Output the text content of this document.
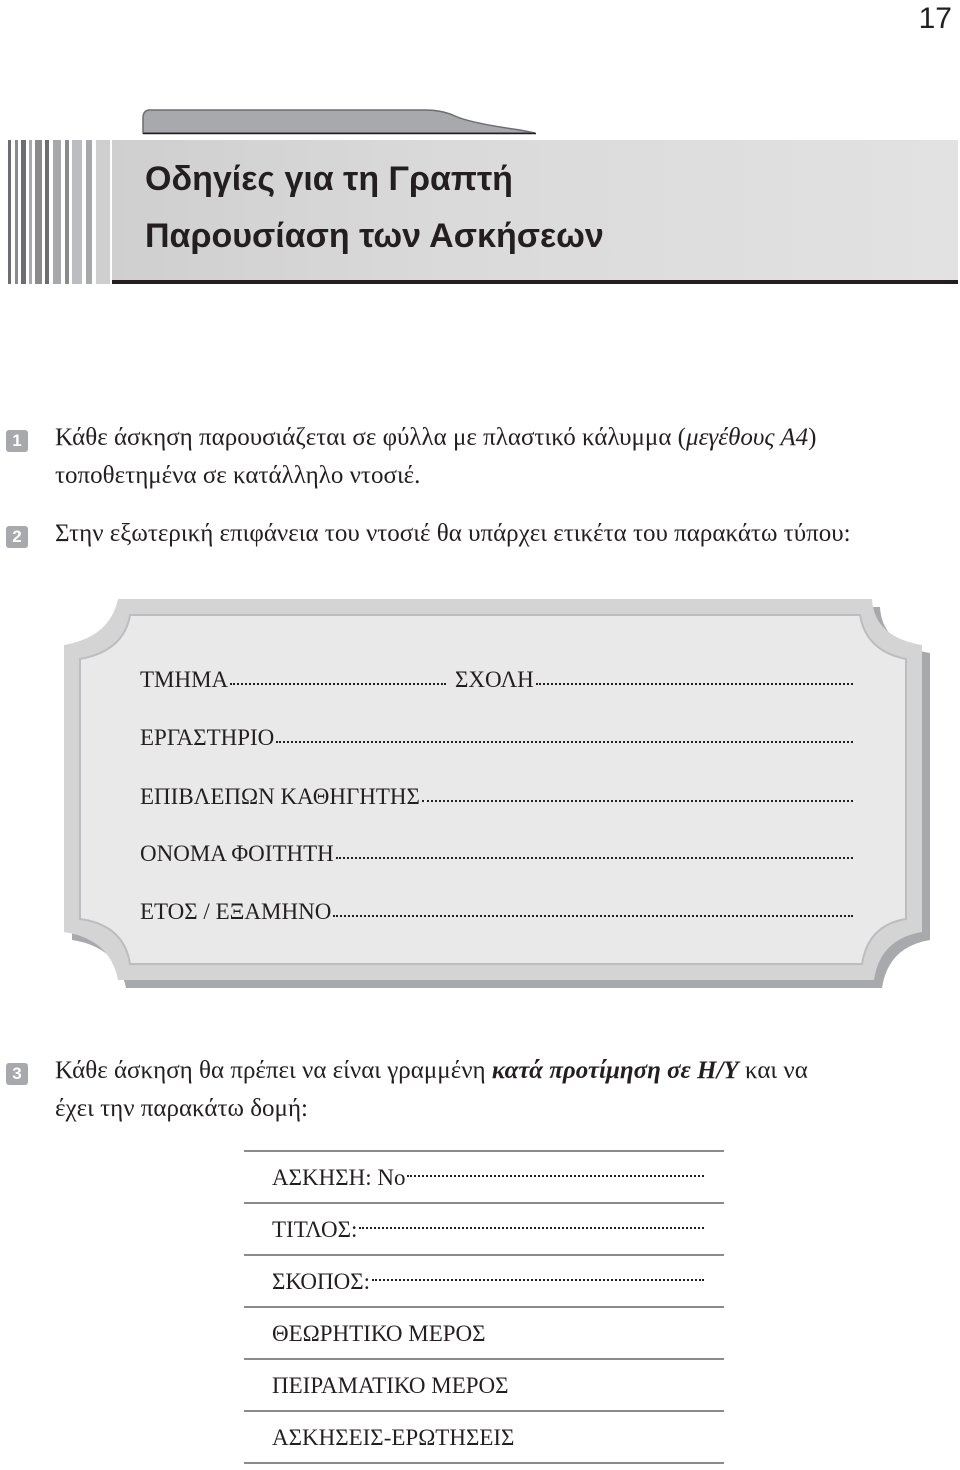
17
Οδηγίες για τη Γραπτή
Παρουσίαση των Ασκήσεων
1 Κάθε άσκηση παρουσιάζεται σε φύλλα με πλαστικό κάλυμμα (μεγέθους Α4)
τοποθετημένα σε κατάλληλο ντοσιέ.
2 Στην εξωτερική επιφάνεια του ντοσιέ θα υπάρχει ετικέτα του παρακάτω τύπου:
ΤΜΗΜΑ	ΣΧΟΛΗ
ΕΡΓΑΣΤΗΡΙΟ
ΕΠΙΒΛΕΠΩΝ ΚΑΘΗΓΗΤΗΣ
ΟΝΟΜΑ ΦΟΙΤΗΤΗ
ΕΤΟΣ / ΕΞΑΜΗΝΟ
3 Κάθε άσκηση θα πρέπει να είναι γραμμένη κατά προτίμηση σε Η/Υ και να
έχει την παρακάτω δομή:
ΑΣΚΗΣΗ: Νο
ΤΙΤΛΟΣ:
ΣΚΟΠΟΣ:
ΘΕΩΡΗΤΙΚΟ ΜΕΡΟΣ
ΠΕΙΡΑΜΑΤΙΚΟ ΜΕΡΟΣ
ΑΣΚΗΣΕΙΣ-ΕΡΩΤΗΣΕΙΣ
